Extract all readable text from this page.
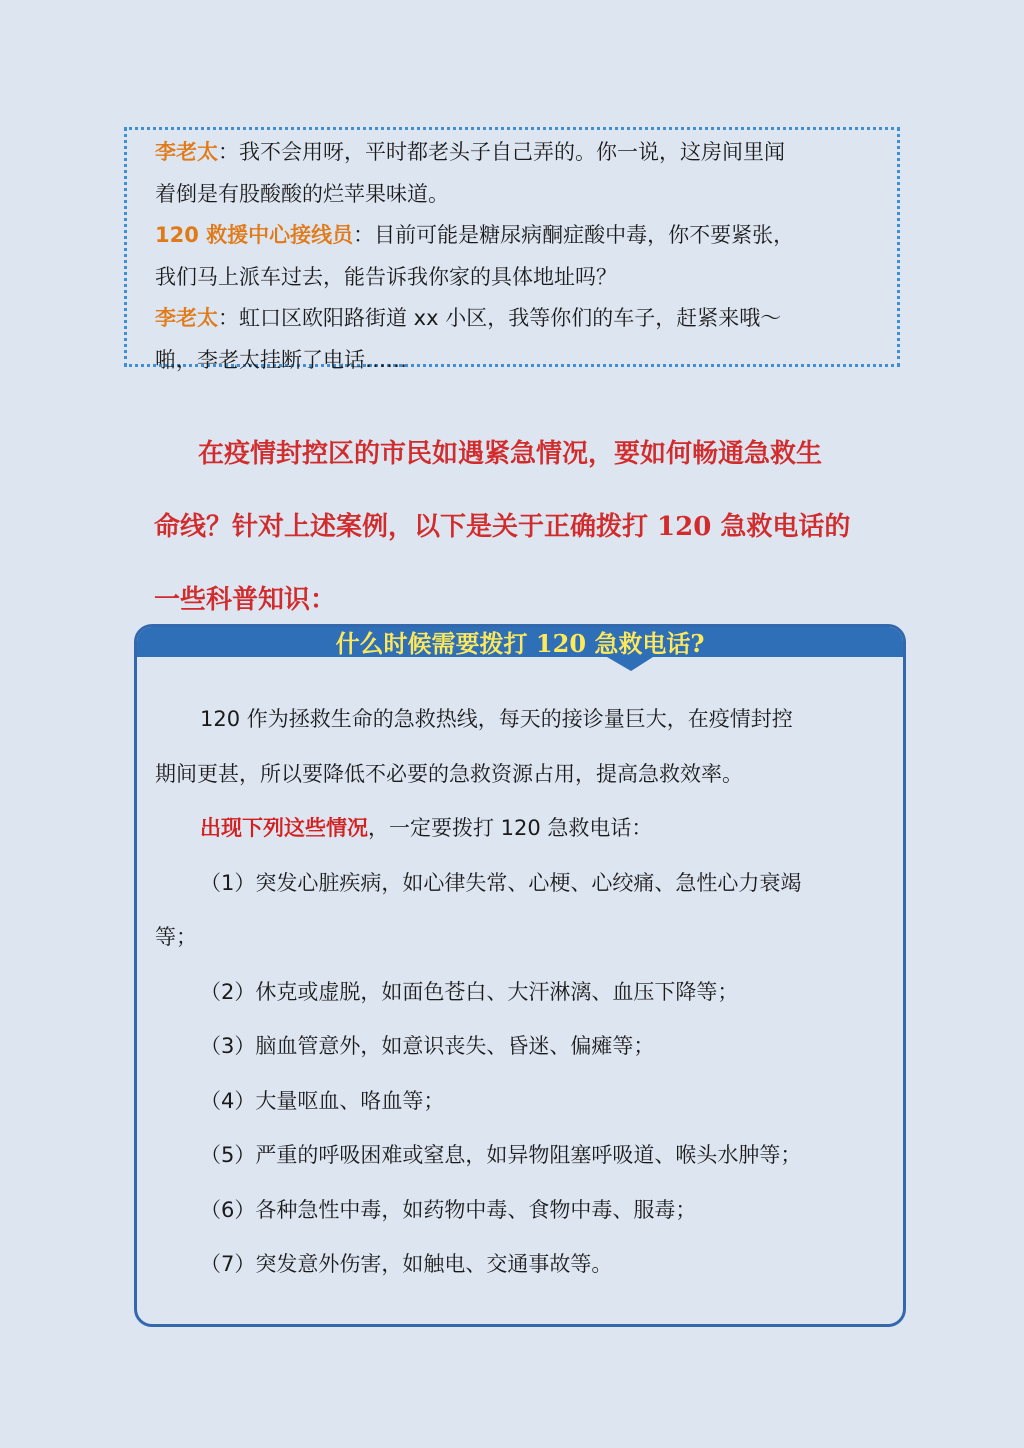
李老太：我不会用呀，平时都老头子自己弄的。你一说，这房间里闻

着倒是有股酸酸的烂苹果味道。

120 救援中心接线员：目前可能是糖尿病酮症酸中毒，你不要紧张，

我们马上派车过去，能告诉我你家的具体地址吗？

李老太：虹口区欧阳路街道 xx 小区，我等你们的车子，赶紧来哦～

啪，李老太挂断了电话……

在疫情封控区的市民如遇紧急情况，要如何畅通急救生
命线？针对上述案例，以下是关于正确拨打 120 急救电话的
一些科普知识：
什么时候需要拨打 120 急救电话?

120 作为拯救生命的急救热线，每天的接诊量巨大，在疫情封控

期间更甚，所以要降低不必要的急救资源占用，提高急救效率。

出现下列这些情况，一定要拨打 120 急救电话：

（1）突发心脏疾病，如心律失常、心梗、心绞痛、急性心力衰竭

等；

（2）休克或虚脱，如面色苍白、大汗淋漓、血压下降等；

（3）脑血管意外，如意识丧失、昏迷、偏瘫等；

（4）大量呕血、咯血等；

（5）严重的呼吸困难或窒息，如异物阻塞呼吸道、喉头水肿等；

（6）各种急性中毒，如药物中毒、食物中毒、服毒；

（7）突发意外伤害，如触电、交通事故等。
